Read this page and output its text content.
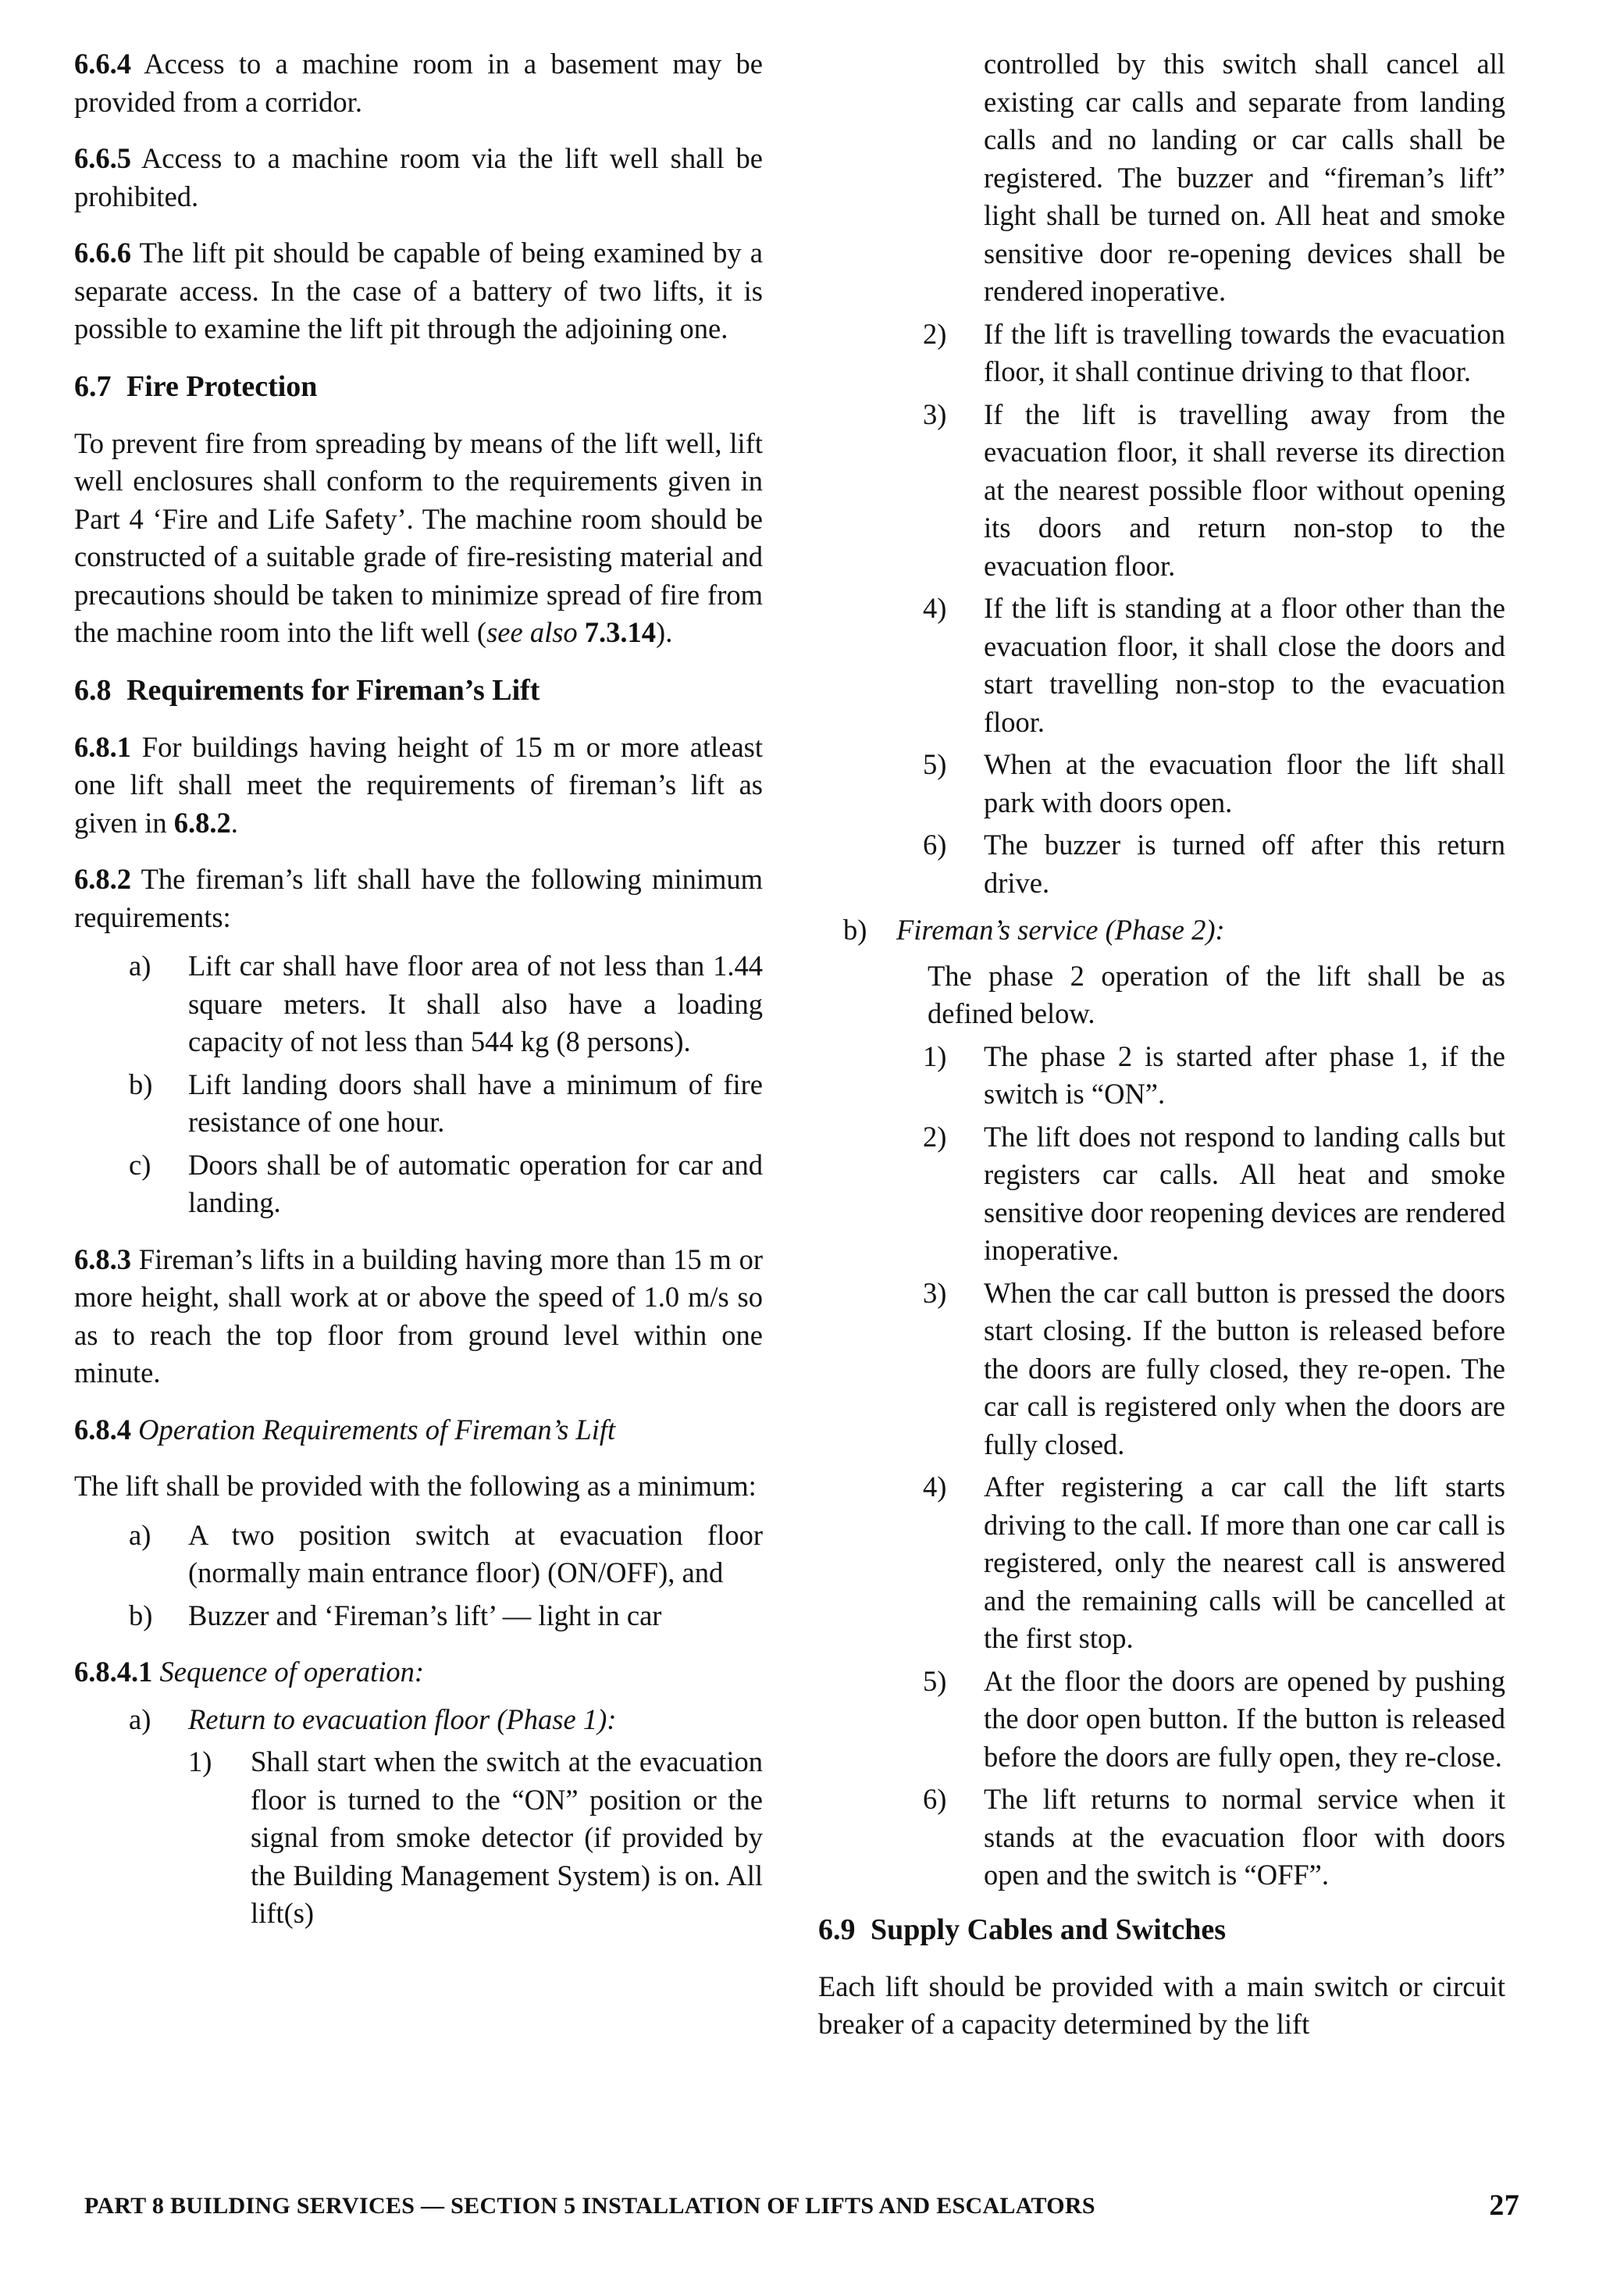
6.6.4 Access to a machine room in a basement may be provided from a corridor.

6.6.5 Access to a machine room via the lift well shall be prohibited.

6.6.6 The lift pit should be capable of being examined by a separate access. In the case of a battery of two lifts, it is possible to examine the lift pit through the adjoining one.

6.7 Fire Protection

To prevent fire from spreading by means of the lift well, lift well enclosures shall conform to the requirements given in Part 4 ‘Fire and Life Safety’. The machine room should be constructed of a suitable grade of fire-resisting material and precautions should be taken to minimize spread of fire from the machine room into the lift well (see also 7.3.14).

6.8 Requirements for Fireman’s Lift

6.8.1 For buildings having height of 15 m or more atleast one lift shall meet the requirements of fireman’s lift as given in 6.8.2.

6.8.2 The fireman’s lift shall have the following minimum requirements:

a) Lift car shall have floor area of not less than 1.44 square meters. It shall also have a loading capacity of not less than 544 kg (8 persons).
b) Lift landing doors shall have a minimum of fire resistance of one hour.
c) Doors shall be of automatic operation for car and landing.

6.8.3 Fireman’s lifts in a building having more than 15 m or more height, shall work at or above the speed of 1.0 m/s so as to reach the top floor from ground level within one minute.

6.8.4 Operation Requirements of Fireman’s Lift

The lift shall be provided with the following as a minimum:

a) A two position switch at evacuation floor (normally main entrance floor) (ON/OFF), and
b) Buzzer and ‘Fireman’s lift’ — light in car

6.8.4.1 Sequence of operation:

a) Return to evacuation floor (Phase 1):
1) Shall start when the switch at the evacuation floor is turned to the “ON” position or the signal from smoke detector (if provided by the Building Management System) is on. All lift(s)
controlled by this switch shall cancel all existing car calls and separate from landing calls and no landing or car calls shall be registered. The buzzer and “fireman’s lift” light shall be turned on. All heat and smoke sensitive door re-opening devices shall be rendered inoperative.
2) If the lift is travelling towards the evacuation floor, it shall continue driving to that floor.
3) If the lift is travelling away from the evacuation floor, it shall reverse its direction at the nearest possible floor without opening its doors and return non-stop to the evacuation floor.
4) If the lift is standing at a floor other than the evacuation floor, it shall close the doors and start travelling non-stop to the evacuation floor.
5) When at the evacuation floor the lift shall park with doors open.
6) The buzzer is turned off after this return drive.
b) Fireman’s service (Phase 2):
The phase 2 operation of the lift shall be as defined below.
1) The phase 2 is started after phase 1, if the switch is “ON”.
2) The lift does not respond to landing calls but registers car calls. All heat and smoke sensitive door reopening devices are rendered inoperative.
3) When the car call button is pressed the doors start closing. If the button is released before the doors are fully closed, they re-open. The car call is registered only when the doors are fully closed.
4) After registering a car call the lift starts driving to the call. If more than one car call is registered, only the nearest call is answered and the remaining calls will be cancelled at the first stop.
5) At the floor the doors are opened by pushing the door open button. If the button is released before the doors are fully open, they re-close.
6) The lift returns to normal service when it stands at the evacuation floor with doors open and the switch is “OFF”.
6.9 Supply Cables and Switches

Each lift should be provided with a main switch or circuit breaker of a capacity determined by the lift

PART 8 BUILDING SERVICES — SECTION 5 INSTALLATION OF LIFTS AND ESCALATORS	27
